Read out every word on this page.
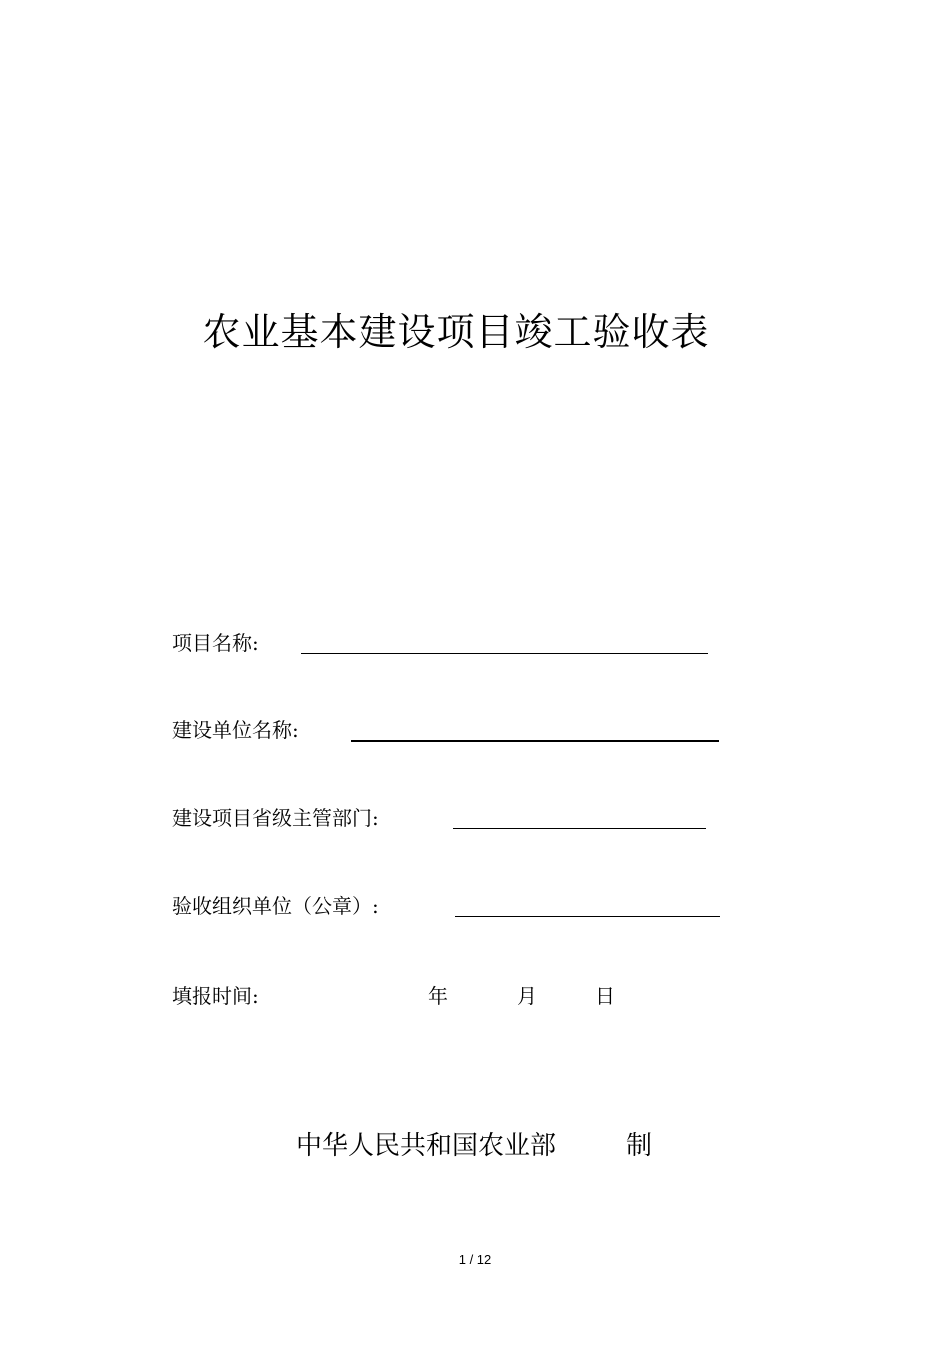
农业基本建设项目竣工验收表
项目名称:
建设单位名称:
建设项目省级主管部门:
验收组织单位（公章）:
填报时间:	年	月	日
中华人民共和国农业部	制
1 / 12
